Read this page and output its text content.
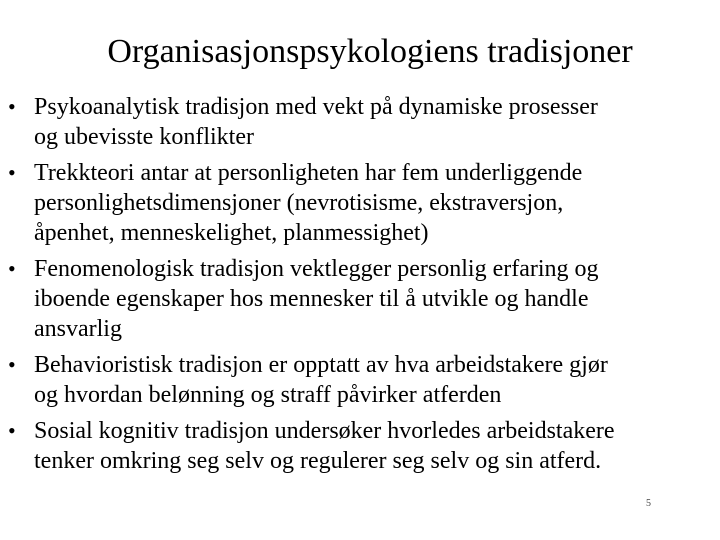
Organisasjonspsykologiens tradisjoner
• Psykoanalytisk tradisjon med vekt på dynamiske prosesser
og ubevisste konflikter
• Trekkteori antar at personligheten har fem underliggende
personlighetsdimensjoner (nevrotisisme, ekstraversjon,
åpenhet, menneskelighet, planmessighet)
• Fenomenologisk tradisjon vektlegger personlig erfaring og
iboende egenskaper hos mennesker til å utvikle og handle
ansvarlig
• Behavioristisk tradisjon er opptatt av hva arbeidstakere gjør
og hvordan belønning og straff påvirker atferden
• Sosial kognitiv tradisjon undersøker hvorledes arbeidstakere
tenker omkring seg selv og regulerer seg selv og sin atferd.
5
